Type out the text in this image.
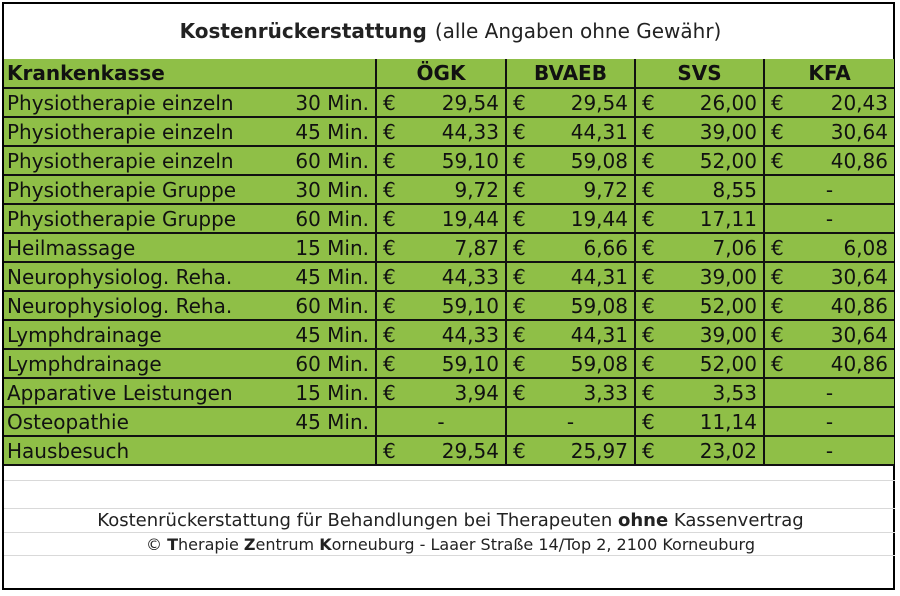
Kostenrückerstattung (alle Angaben ohne Gewähr)
Krankenkasse		ÖGK	BVAEB	SVS	KFA
Physiotherapie einzeln	30 Min.	€ 29,54	€ 29,54	€ 26,00	€ 20,43

Physiotherapie einzeln	45 Min.	€ 44,33	€ 44,31	€ 39,00	€ 30,64

Physiotherapie einzeln	60 Min.	€ 59,10	€ 59,08	€ 52,00	€ 40,86

Physiotherapie Gruppe	30 Min.	€ 9,72	€ 9,72	€ 8,55	-

Physiotherapie Gruppe	60 Min.	€ 19,44	€ 19,44	€ 17,11	-

Heilmassage	15 Min.	€ 7,87	€ 6,66	€ 7,06	€ 6,08

Neurophysiolog. Reha.	45 Min.	€ 44,33	€ 44,31	€ 39,00	€ 30,64

Neurophysiolog. Reha.	60 Min.	€ 59,10	€ 59,08	€ 52,00	€ 40,86

Lymphdrainage	45 Min.	€ 44,33	€ 44,31	€ 39,00	€ 30,64

Lymphdrainage	60 Min.	€ 59,10	€ 59,08	€ 52,00	€ 40,86

Apparative Leistungen	15 Min.	€ 3,94	€ 3,33	€ 3,53	-

Osteopathie	45 Min.	-	-	€ 11,14	-

Hausbesuch		€ 29,54	€ 25,97	€ 23,02	-
Kostenrückerstattung für Behandlungen bei Therapeuten ohne Kassenvertrag
© Therapie Zentrum Korneuburg - Laaer Straße 14/Top 2, 2100 Korneuburg
